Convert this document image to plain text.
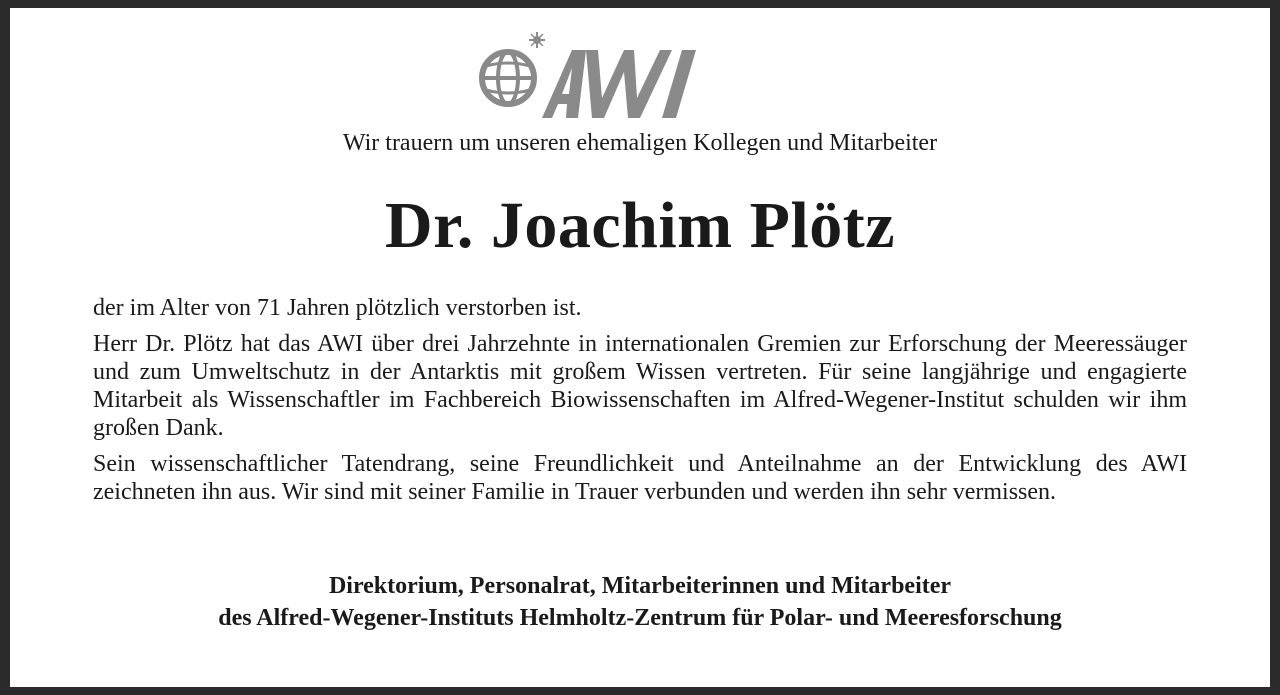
Wir trauern um unseren ehemaligen Kollegen und Mitarbeiter

Dr. Joachim Plötz

der im Alter von 71 Jahren plötzlich verstorben ist.

Herr Dr. Plötz hat das AWI über drei Jahrzehnte in internationalen Gremien zur Erforschung der Meeressäuger und zum Umweltschutz in der Antarktis mit großem Wissen vertreten. Für seine langjährige und engagierte Mitarbeit als Wissenschaftler im Fachbereich Biowissenschaften im Alfred-Wegener-Institut schulden wir ihm großen Dank.

Sein wissenschaftlicher Tatendrang, seine Freundlichkeit und Anteilnahme an der Entwicklung des AWI zeichneten ihn aus. Wir sind mit seiner Familie in Trauer verbunden und werden ihn sehr vermissen.

Direktorium, Personalrat, Mitarbeiterinnen und Mitarbeiter
des Alfred-Wegener-Instituts Helmholtz-Zentrum für Polar- und Meeresforschung
